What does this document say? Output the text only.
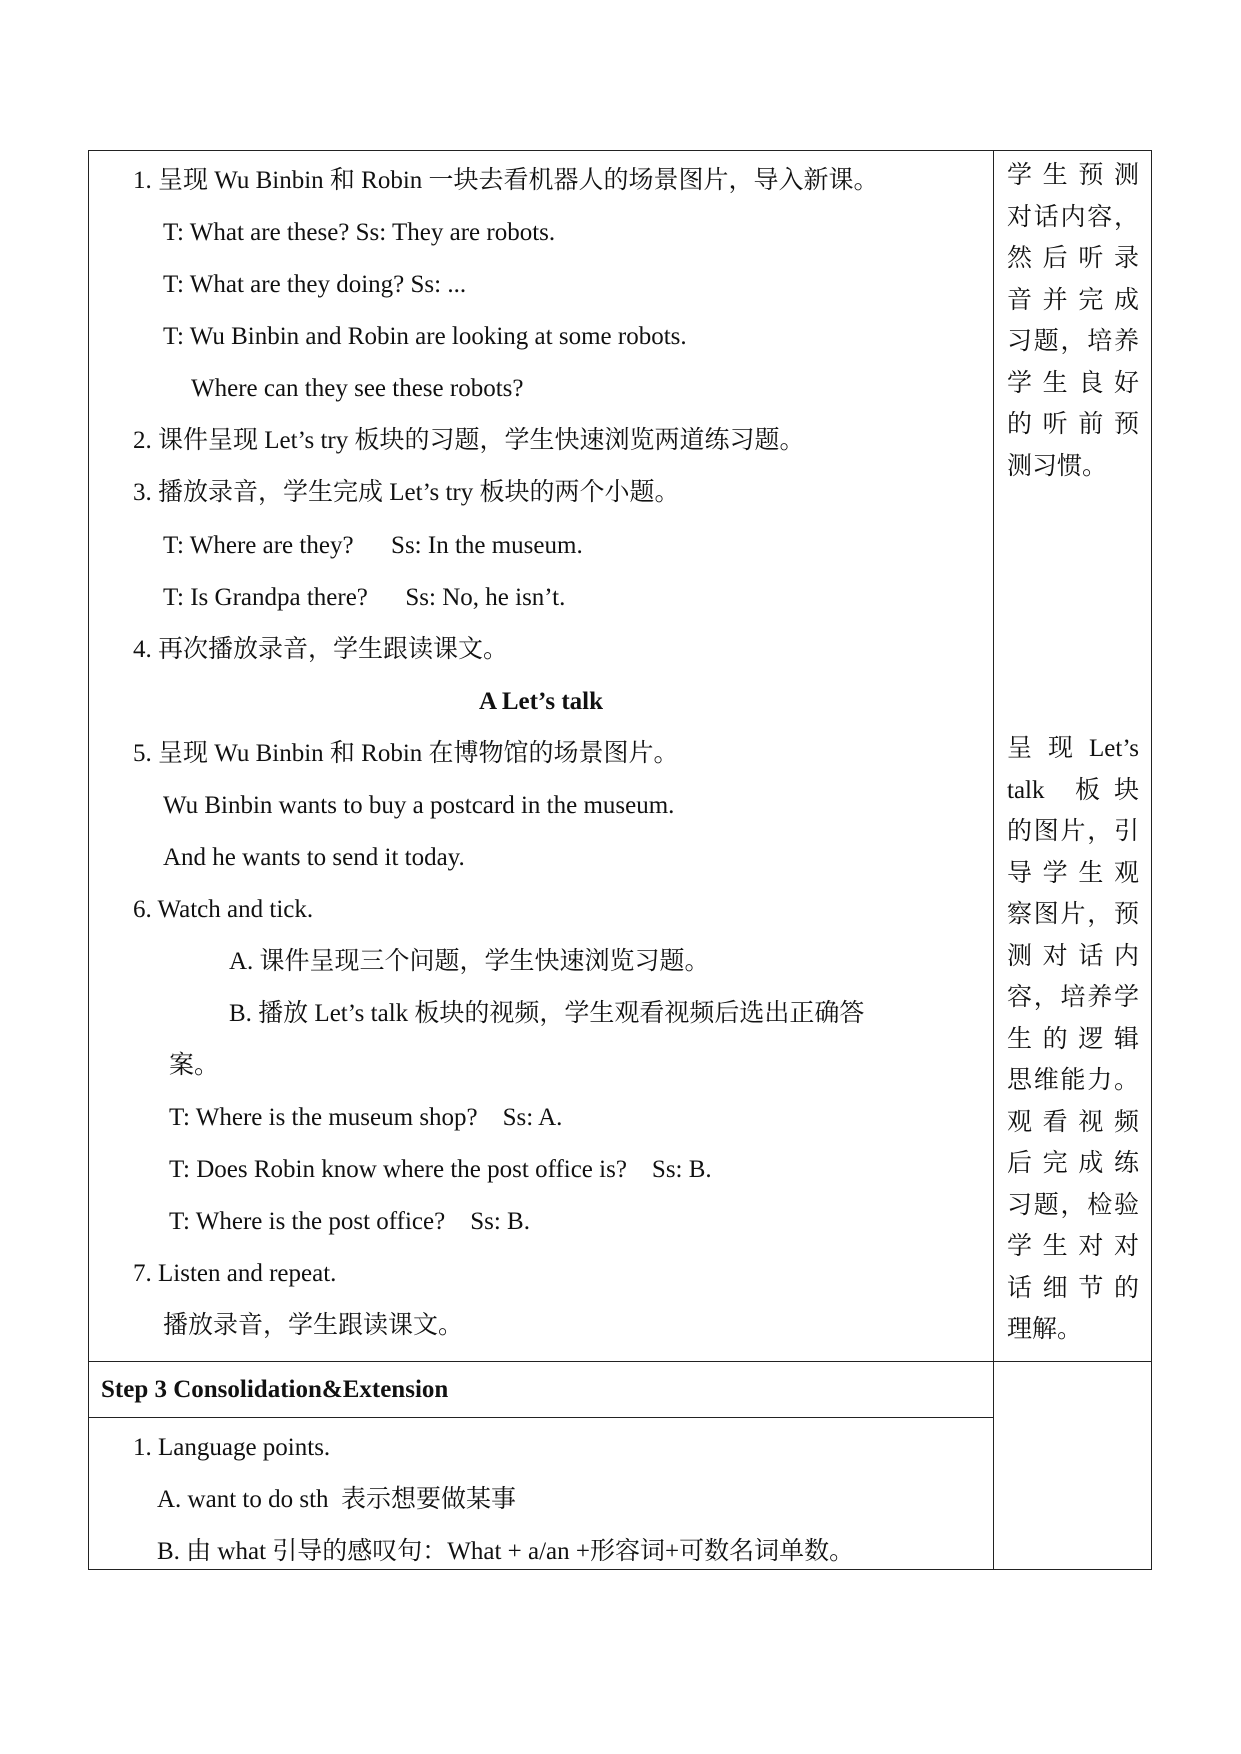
1. 呈现 Wu Binbin 和 Robin 一块去看机器人的场景图片，导入新课。
T: What are these? Ss: They are robots.
T: What are they doing? Ss: ...
T: Wu Binbin and Robin are looking at some robots.
Where can they see these robots?
2. 课件呈现 Let’s try 板块的习题，学生快速浏览两道练习题。
3. 播放录音，学生完成 Let’s try 板块的两个小题。
T: Where are they?      Ss: In the museum.
T: Is Grandpa there?      Ss: No, he isn’t.
4. 再次播放录音，学生跟读课文。
A Let’s talk
5. 呈现 Wu Binbin 和 Robin 在博物馆的场景图片。
Wu Binbin wants to buy a postcard in the museum.
And he wants to send it today.
6. Watch and tick.
A. 课件呈现三个问题，学生快速浏览习题。
B. 播放 Let’s talk 板块的视频，学生观看视频后选出正确答
案。
T: Where is the museum shop?    Ss: A.
T: Does Robin know where the post office is?    Ss: B.
T: Where is the post office?    Ss: B.
7. Listen and repeat.
播放录音，学生跟读课文。
学 生 预 测
对话内容，
然 后 听 录
音 并 完 成
习题，培养
学 生 良 好
的 听 前 预
测习惯。
呈 现 Let’s
talk   板 块
的图片，引
导 学 生 观
察图片，预
测 对 话 内
容，培养学
生 的 逻 辑
思维能力。
观 看 视 频
后 完 成 练
习题，检验
学 生 对 对
话 细 节 的
理解。
Step 3 Consolidation&Extension
1. Language points.
A. want to do sth  表示想要做某事
B. 由 what 引导的感叹句：What + a/an +形容词+可数名词单数。
